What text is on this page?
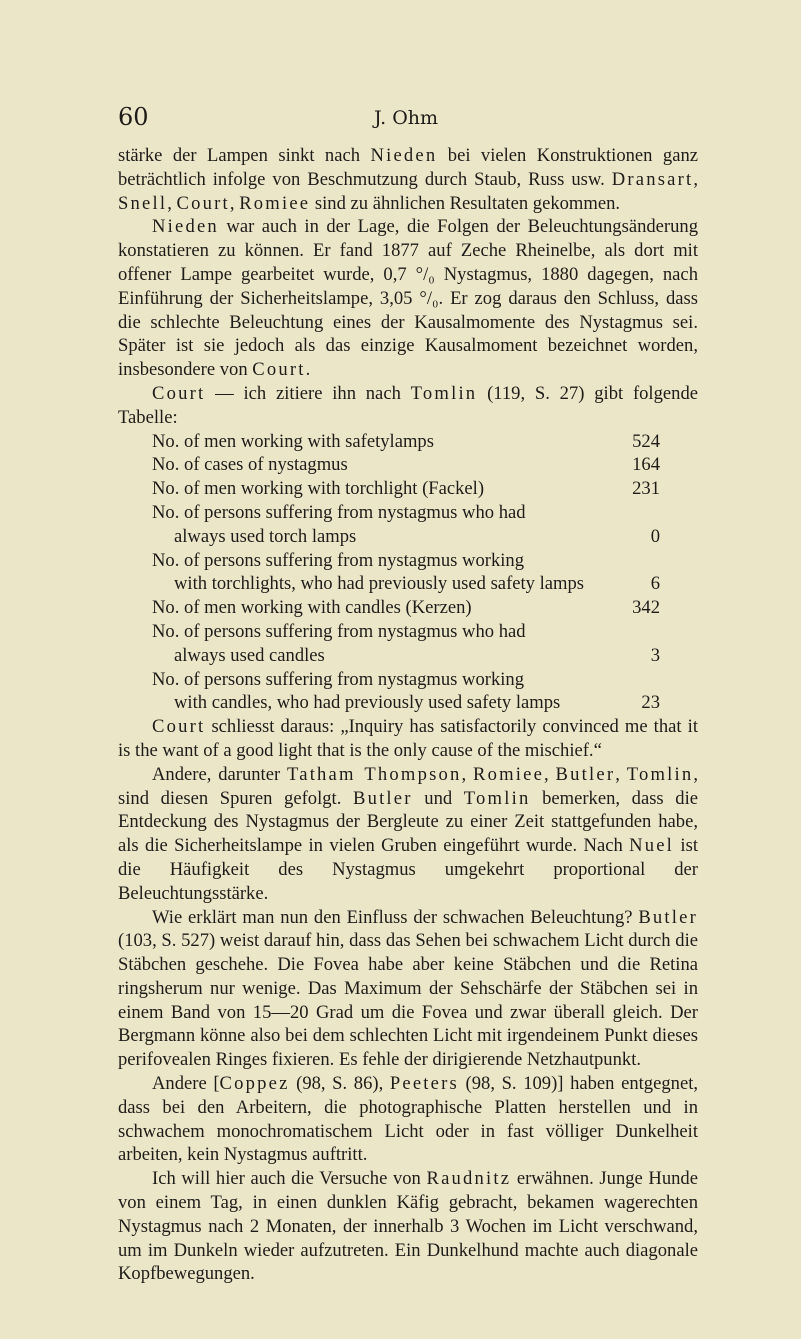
60	J. Ohm

stärke der Lampen sinkt nach Nieden bei vielen Konstruktionen ganz beträchtlich infolge von Beschmutzung durch Staub, Russ usw. Dransart, Snell, Court, Romiee sind zu ähnlichen Resultaten gekommen.

Nieden war auch in der Lage, die Folgen der Beleuchtungsänderung konstatieren zu können. Er fand 1877 auf Zeche Rheinelbe, als dort mit offener Lampe gearbeitet wurde, 0,7 °/₀ Nystagmus, 1880 dagegen, nach Einführung der Sicherheitslampe, 3,05 °/₀. Er zog daraus den Schluss, dass die schlechte Beleuchtung eines der Kausalmomente des Nystagmus sei. Später ist sie jedoch als das einzige Kausalmoment bezeichnet worden, insbesondere von Court.

Court — ich zitiere ihn nach Tomlin (119, S. 27) gibt folgende Tabelle:

No. of men working with safetylamps	524
No. of cases of nystagmus	164
No. of men working with torchlight (Fackel)	231
No. of persons suffering from nystagmus who had
always used torch lamps	0
No. of persons suffering from nystagmus working
with torchlights, who had previously used safety lamps	6
No. of men working with candles (Kerzen)	342
No. of persons suffering from nystagmus who had
always used candles	3
No. of persons suffering from nystagmus working
with candles, who had previously used safety lamps	23

Court schliesst daraus: „Inquiry has satisfactorily convinced me that it is the want of a good light that is the only cause of the mischief.“

Andere, darunter Tatham Thompson, Romiee, Butler, Tomlin, sind diesen Spuren gefolgt. Butler und Tomlin bemerken, dass die Entdeckung des Nystagmus der Bergleute zu einer Zeit stattgefunden habe, als die Sicherheitslampe in vielen Gruben eingeführt wurde. Nach Nuel ist die Häufigkeit des Nystagmus umgekehrt proportional der Beleuchtungsstärke.

Wie erklärt man nun den Einfluss der schwachen Beleuchtung? Butler (103, S. 527) weist darauf hin, dass das Sehen bei schwachem Licht durch die Stäbchen geschehe. Die Fovea habe aber keine Stäbchen und die Retina ringsherum nur wenige. Das Maximum der Sehschärfe der Stäbchen sei in einem Band von 15—20 Grad um die Fovea und zwar überall gleich. Der Bergmann könne also bei dem schlechten Licht mit irgendeinem Punkt dieses perifovealen Ringes fixieren. Es fehle der dirigierende Netzhautpunkt.

Andere [Coppez (98, S. 86), Peeters (98, S. 109)] haben entgegnet, dass bei den Arbeitern, die photographische Platten herstellen und in schwachem monochromatischem Licht oder in fast völliger Dunkelheit arbeiten, kein Nystagmus auftritt.

Ich will hier auch die Versuche von Raudnitz erwähnen. Junge Hunde von einem Tag, in einen dunklen Käfig gebracht, bekamen wagerechten Nystagmus nach 2 Monaten, der innerhalb 3 Wochen im Licht verschwand, um im Dunkeln wieder aufzutreten. Ein Dunkelhund machte auch diagonale Kopfbewegungen.
